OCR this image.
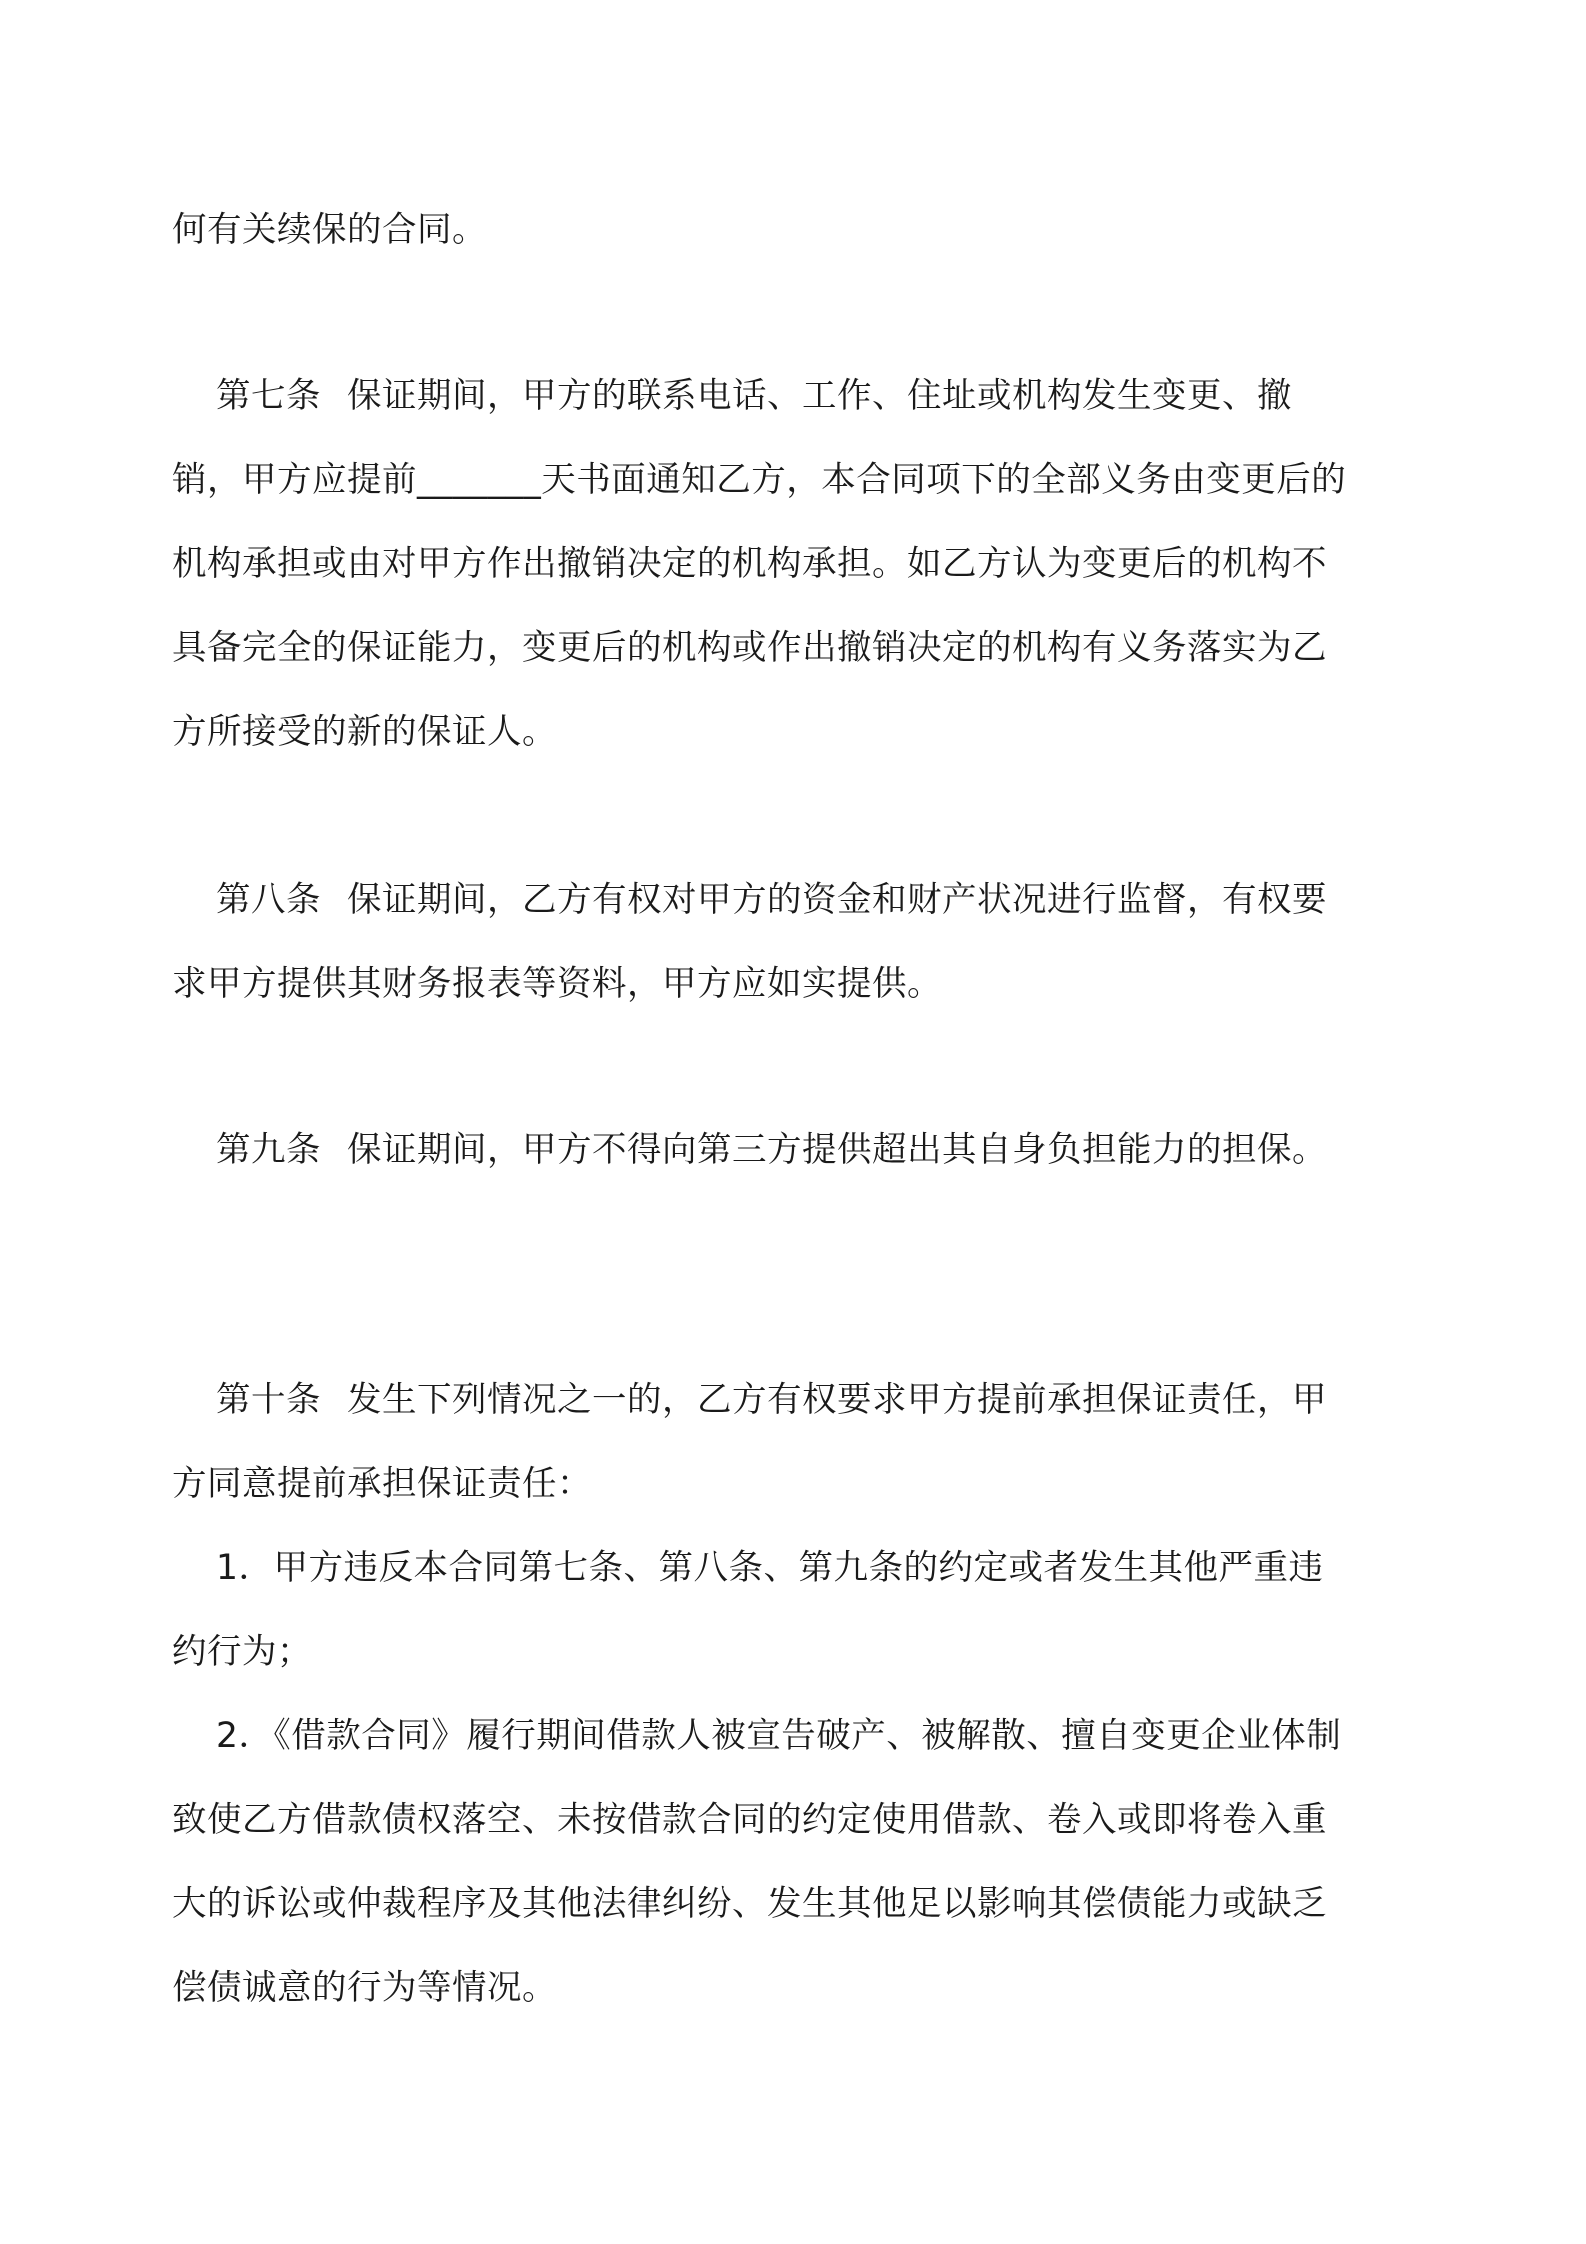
何有关续保的合同。

第七条 保证期间，甲方的联系电话、工作、住址或机构发生变更、撤销，甲方应提前_______天书面通知乙方，本合同项下的全部义务由变更后的机构承担或由对甲方作出撤销决定的机构承担。如乙方认为变更后的机构不具备完全的保证能力，变更后的机构或作出撤销决定的机构有义务落实为乙方所接受的新的保证人。

第八条 保证期间，乙方有权对甲方的资金和财产状况进行监督，有权要求甲方提供其财务报表等资料，甲方应如实提供。

第九条 保证期间，甲方不得向第三方提供超出其自身负担能力的担保。

第十条 发生下列情况之一的，乙方有权要求甲方提前承担保证责任，甲方同意提前承担保证责任：

1．甲方违反本合同第七条、第八条、第九条的约定或者发生其他严重违约行为；

2．《借款合同》履行期间借款人被宣告破产、被解散、擅自变更企业体制致使乙方借款债权落空、未按借款合同的约定使用借款、卷入或即将卷入重大的诉讼或仲裁程序及其他法律纠纷、发生其他足以影响其偿债能力或缺乏偿债诚意的行为等情况。
